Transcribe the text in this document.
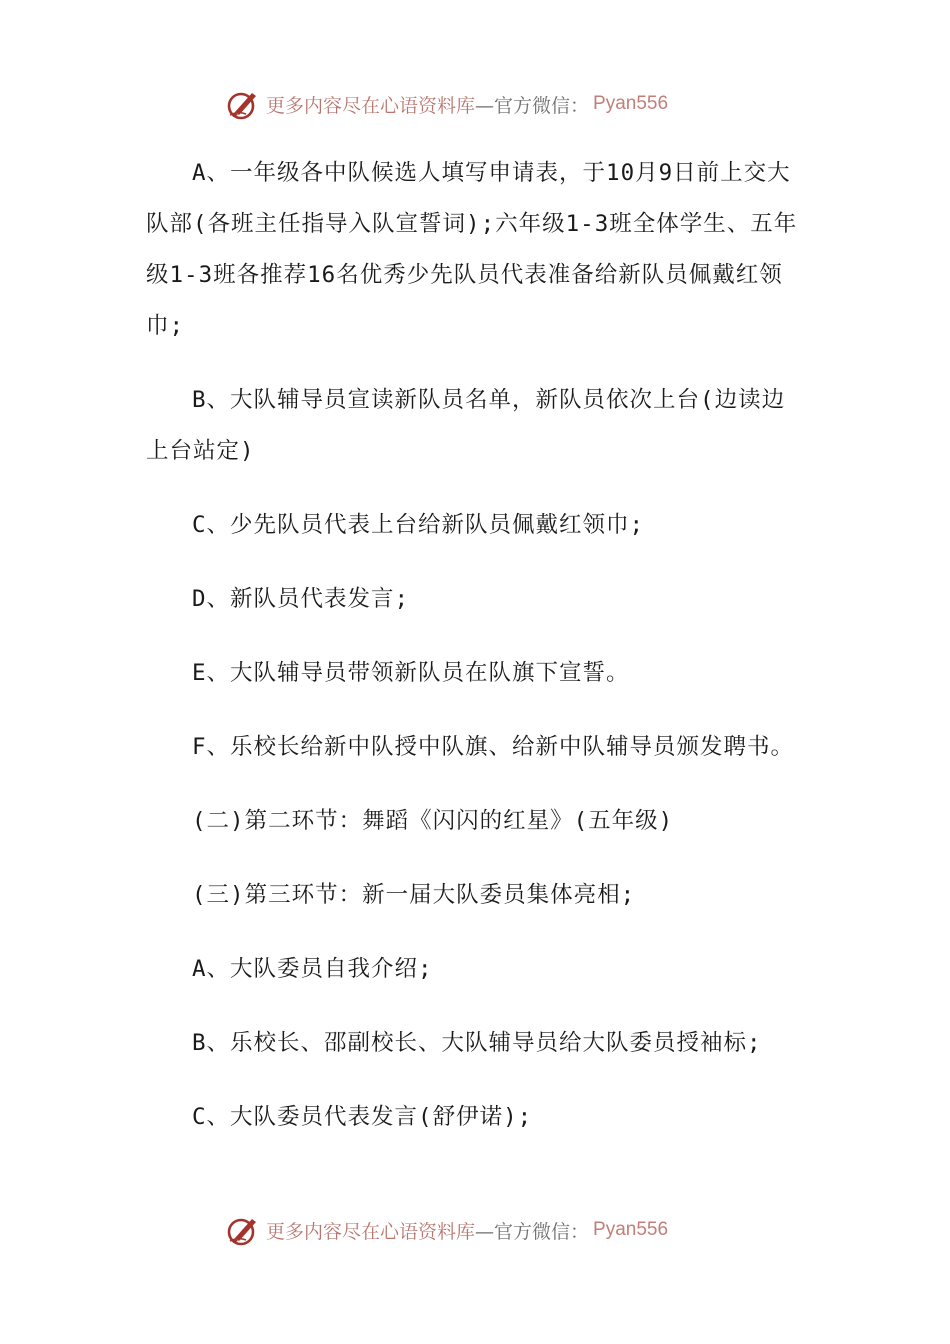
更多内容尽在心语资料库 —官方微信： Pyan556

A、一年级各中队候选人填写申请表，于10月9日前上交大队部(各班主任指导入队宣誓词);六年级1-3班全体学生、五年级1-3班各推荐16名优秀少先队员代表准备给新队员佩戴红领巾;

B、大队辅导员宣读新队员名单，新队员依次上台(边读边上台站定)

C、少先队员代表上台给新队员佩戴红领巾;

D、新队员代表发言;

E、大队辅导员带领新队员在队旗下宣誓。

F、乐校长给新中队授中队旗、给新中队辅导员颁发聘书。

(二)第二环节：舞蹈《闪闪的红星》(五年级)

(三)第三环节：新一届大队委员集体亮相;

A、大队委员自我介绍;

B、乐校长、邵副校长、大队辅导员给大队委员授袖标;

C、大队委员代表发言(舒伊诺);

更多内容尽在心语资料库 —官方微信： Pyan556
